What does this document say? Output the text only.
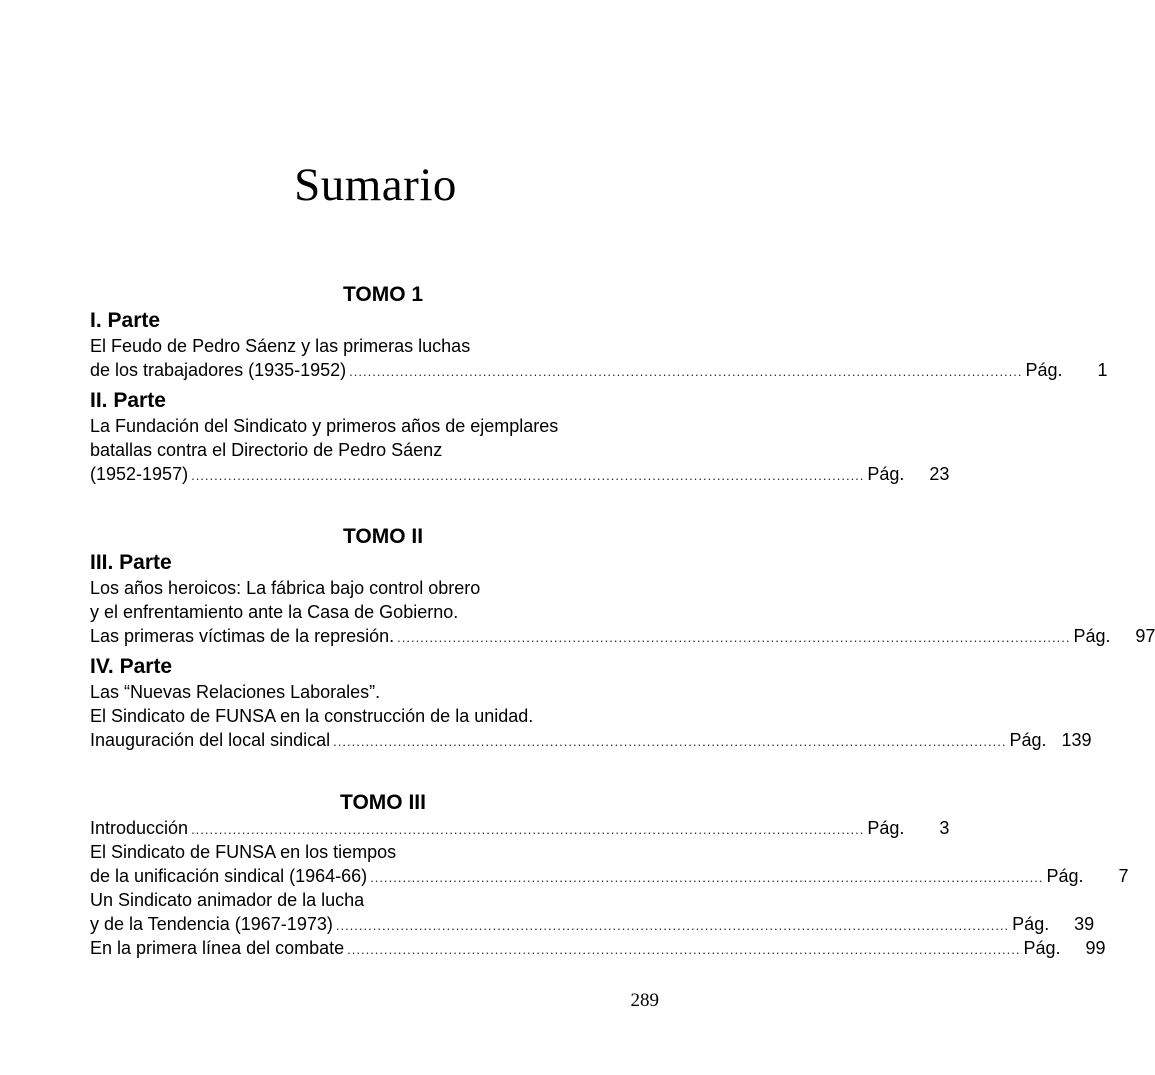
Sumario
TOMO 1
I. Parte
El Feudo de Pedro Sáenz y las primeras luchas
de los trabajadores (1935-1952) .................................................................................................................................................. Pág.	1
II. Parte
La Fundación del Sindicato y primeros años de ejemplares
batallas contra el Directorio de Pedro Sáenz
(1952-1957) .................................................................................................................................................. Pág.	23
TOMO II
III. Parte
Los años heroicos: La fábrica bajo control obrero
y el enfrentamiento ante la Casa de Gobierno.
Las primeras víctimas de la represión. .................................................................................................................................................. Pág.	97
IV. Parte
Las “Nuevas Relaciones Laborales”.
El Sindicato de FUNSA en la construcción de la unidad.
Inauguración del local sindical .................................................................................................................................................. Pág. 139
TOMO III
Introducción .................................................................................................................................................. Pág.	3
El Sindicato de FUNSA en los tiempos
de la unificación sindical (1964-66) .................................................................................................................................................. Pág.	7
Un Sindicato animador de la lucha
y de la Tendencia (1967-1973) .................................................................................................................................................. Pág.	39
En la primera línea del combate .................................................................................................................................................. Pág.	99
289
